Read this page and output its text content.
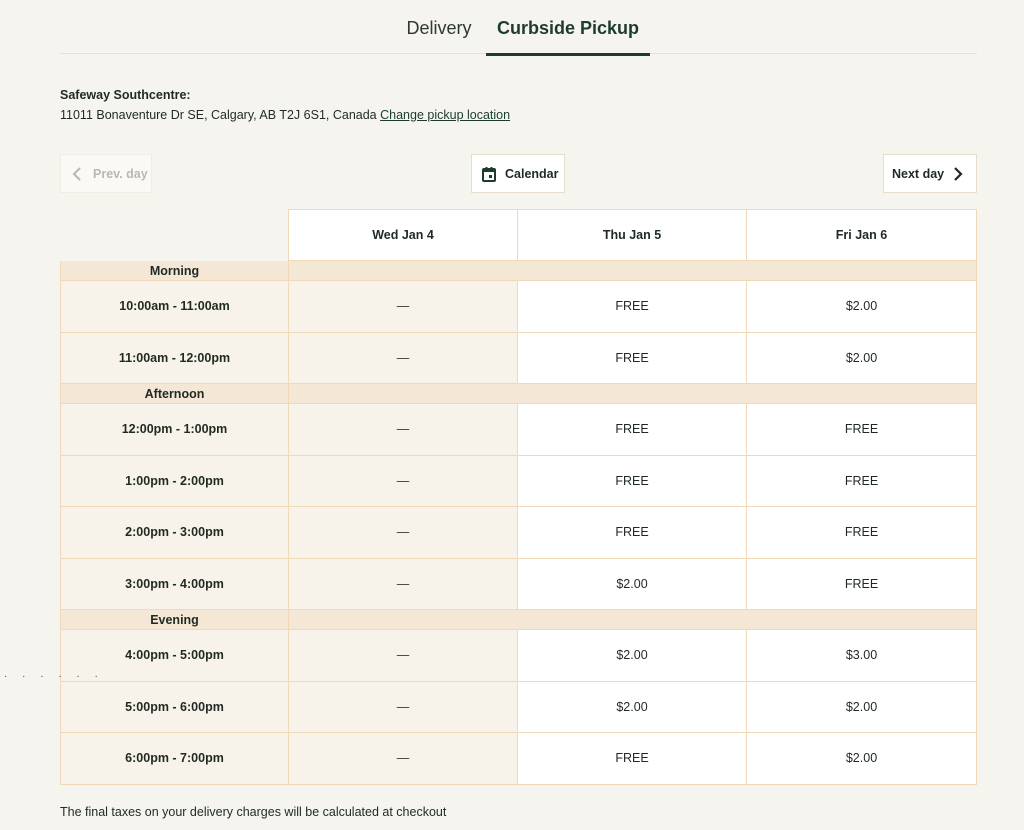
Delivery	Curbside Pickup
Safeway Southcentre:
11011 Bonaventure Dr SE, Calgary, AB T2J 6S1, Canada Change pickup location
Prev. day	Calendar	Next day
Wed Jan 4	Thu Jan 5	Fri Jan 6
Morning
10:00am - 11:00am	—	FREE	$2.00
11:00am - 12:00pm	—	FREE	$2.00
Afternoon
12:00pm - 1:00pm	—	FREE	FREE
1:00pm - 2:00pm	—	FREE	FREE
2:00pm - 3:00pm	—	FREE	FREE
3:00pm - 4:00pm	—	$2.00	FREE
Evening
4:00pm - 5:00pm	—	$2.00	$3.00
5:00pm - 6:00pm	—	$2.00	$2.00
6:00pm - 7:00pm	—	FREE	$2.00
· · · · · ·
The final taxes on your delivery charges will be calculated at checkout
